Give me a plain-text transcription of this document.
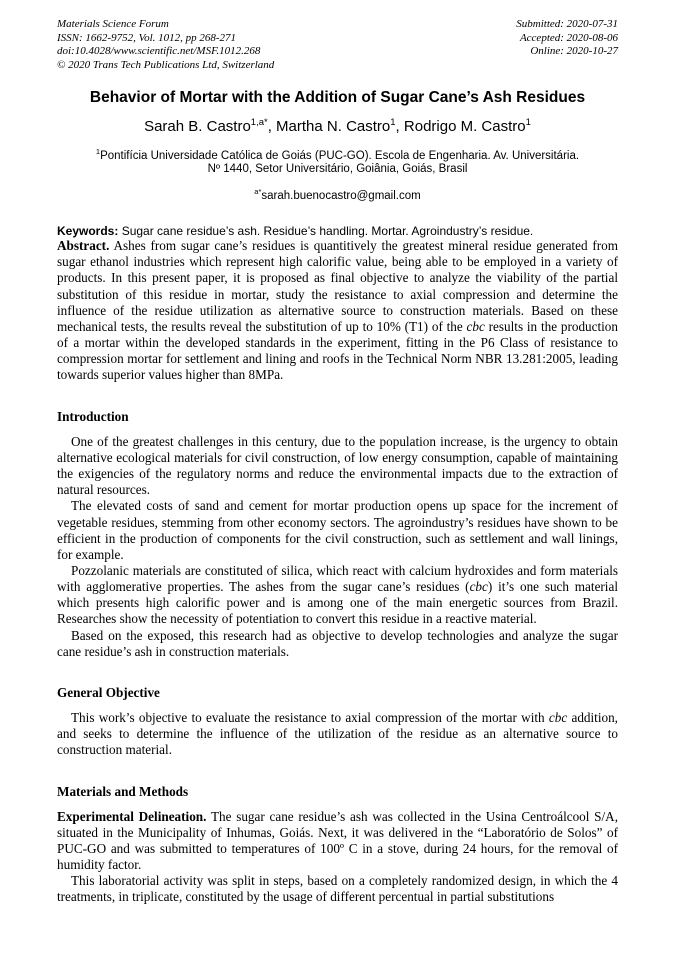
Materials Science Forum
ISSN: 1662-9752, Vol. 1012, pp 268-271
doi:10.4028/www.scientific.net/MSF.1012.268
© 2020 Trans Tech Publications Ltd, Switzerland
Submitted: 2020-07-31
Accepted: 2020-08-06
Online: 2020-10-27
Behavior of Mortar with the Addition of Sugar Cane’s Ash Residues
Sarah B. Castro$^{1,a*}$, Martha N. Castro$^1$, Rodrigo M. Castro$^1$
$^1$Pontifícia Universidade Católica de Goiás (PUC-GO). Escola de Engenharia. Av. Universitária.
Nº 1440, Setor Universitário, Goiânia, Goiás, Brasil
$^{a*}$sarah.buenocastro@gmail.com
Keywords: Sugar cane residue’s ash. Residue’s handling. Mortar. Agroindustry’s residue.

Abstract. Ashes from sugar cane’s residues is quantitively the greatest mineral residue generated from sugar ethanol industries which represent high calorific value, being able to be employed in a variety of products. In this present paper, it is proposed as final objective to analyze the viability of the partial substitution of this residue in mortar, study the resistance to axial compression and determine the influence of the residue utilization as alternative source to construction materials. Based on these mechanical tests, the results reveal the substitution of up to 10% (T1) of the cbc results in the production of a mortar within the developed standards in the experiment, fitting in the P6 Class of resistance to compression mortar for settlement and lining and roofs in the Technical Norm NBR 13.281:2005, leading towards superior values higher than 8MPa.

Introduction

One of the greatest challenges in this century, due to the population increase, is the urgency to obtain alternative ecological materials for civil construction, of low energy consumption, capable of maintaining the exigencies of the regulatory norms and reduce the environmental impacts due to the extraction of natural resources.

The elevated costs of sand and cement for mortar production opens up space for the increment of vegetable residues, stemming from other economy sectors. The agroindustry’s residues have shown to be efficient in the production of components for the civil construction, such as settlement and wall linings, for example.

Pozzolanic materials are constituted of silica, which react with calcium hydroxides and form materials with agglomerative properties. The ashes from the sugar cane’s residues (cbc) it’s one such material which presents high calorific power and is among one of the main energetic sources from Brazil. Researches show the necessity of potentiation to convert this residue in a reactive material.

Based on the exposed, this research had as objective to develop technologies and analyze the sugar cane residue’s ash in construction materials.

General Objective

This work’s objective to evaluate the resistance to axial compression of the mortar with cbc addition, and seeks to determine the influence of the utilization of the residue as an alternative source to construction material.

Materials and Methods

Experimental Delineation. The sugar cane residue’s ash was collected in the Usina Centroálcool S/A, situated in the Municipality of Inhumas, Goiás. Next, it was delivered in the “Laboratório de Solos” of PUC-GO and was submitted to temperatures of 100º C in a stove, during 24 hours, for the removal of humidity factor.

This laboratorial activity was split in steps, based on a completely randomized design, in which the 4 treatments, in triplicate, constituted by the usage of different percentual in partial substitutions
